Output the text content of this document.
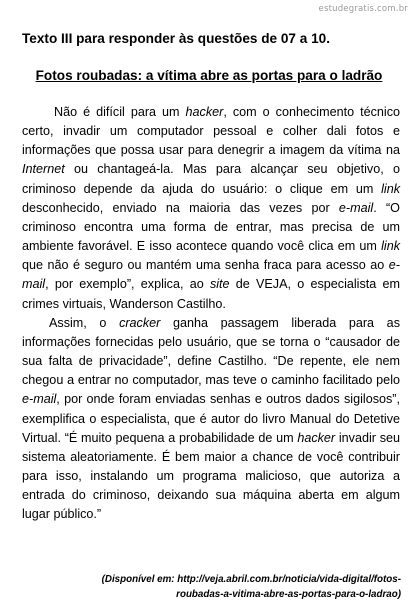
estudegratis.com.br
Texto III para responder às questões de 07 a 10.
Fotos roubadas: a vítima abre as portas para o ladrão

Não é difícil para um hacker, com o conhecimento técnico certo, invadir um computador pessoal e colher dali fotos e informações que possa usar para denegrir a imagem da vítima na Internet ou chantageá-la. Mas para alcançar seu objetivo, o criminoso depende da ajuda do usuário: o clique em um link desconhecido, enviado na maioria das vezes por e-mail. “O criminoso encontra uma forma de entrar, mas precisa de um ambiente favorável. E isso acontece quando você clica em um link que não é seguro ou mantém uma senha fraca para acesso ao e-mail, por exemplo”, explica, ao site de VEJA, o especialista em crimes virtuais, Wanderson Castilho.

Assim, o cracker ganha passagem liberada para as informações fornecidas pelo usuário, que se torna o “causador de sua falta de privacidade”, define Castilho. “De repente, ele nem chegou a entrar no computador, mas teve o caminho facilitado pelo e-mail, por onde foram enviadas senhas e outros dados sigilosos”, exemplifica o especialista, que é autor do livro Manual do Detetive Virtual. “É muito pequena a probabilidade de um hacker invadir seu sistema aleatoriamente. É bem maior a chance de você contribuir para isso, instalando um programa malicioso, que autoriza a entrada do criminoso, deixando sua máquina aberta em algum lugar público.”

(Disponível em: http://veja.abril.com.br/noticia/vida-digital/fotos-
roubadas-a-vitima-abre-as-portas-para-o-ladrao)
